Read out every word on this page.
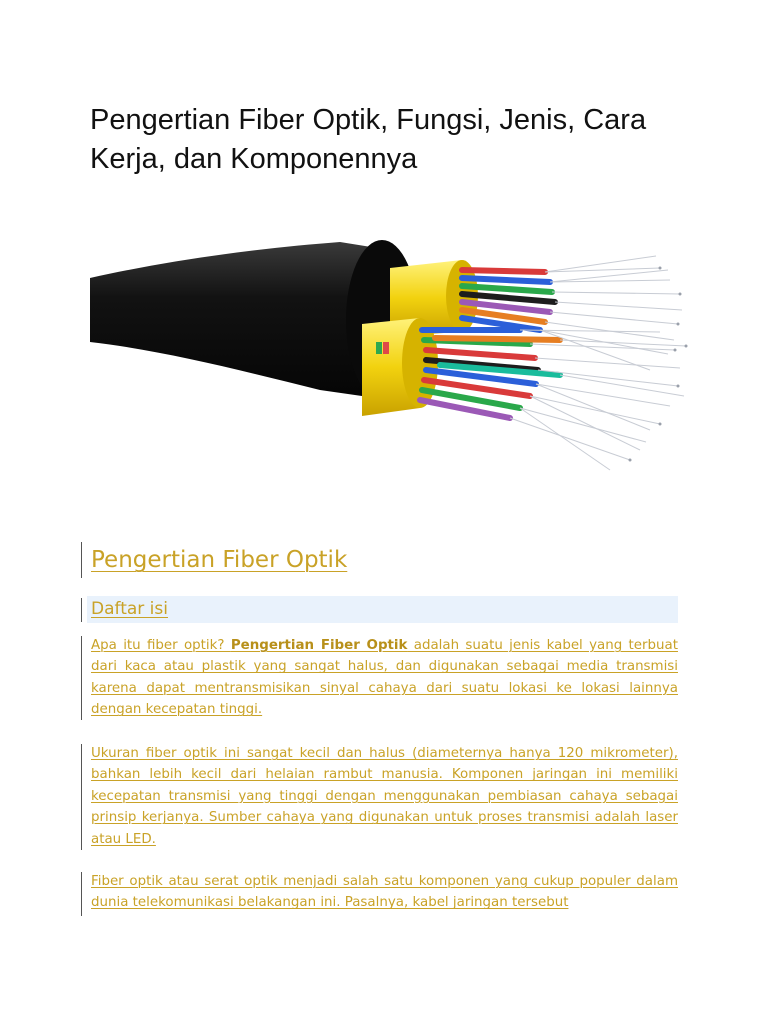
Pengertian Fiber Optik, Fungsi, Jenis, Cara Kerja, dan Komponennya
Pengertian Fiber Optik
Daftar isi

Apa itu fiber optik? Pengertian Fiber Optik adalah suatu jenis kabel yang terbuat dari kaca atau plastik yang sangat halus, dan digunakan sebagai media transmisi karena dapat mentransmisikan sinyal cahaya dari suatu lokasi ke lokasi lainnya dengan kecepatan tinggi.

Ukuran fiber optik ini sangat kecil dan halus (diameternya hanya 120 mikrometer), bahkan lebih kecil dari helaian rambut manusia. Komponen jaringan ini memiliki kecepatan transmisi yang tinggi dengan menggunakan pembiasan cahaya sebagai prinsip kerjanya. Sumber cahaya yang digunakan untuk proses transmisi adalah laser atau LED.

Fiber optik atau serat optik menjadi salah satu komponen yang cukup populer dalam dunia telekomunikasi belakangan ini. Pasalnya, kabel jaringan tersebut
